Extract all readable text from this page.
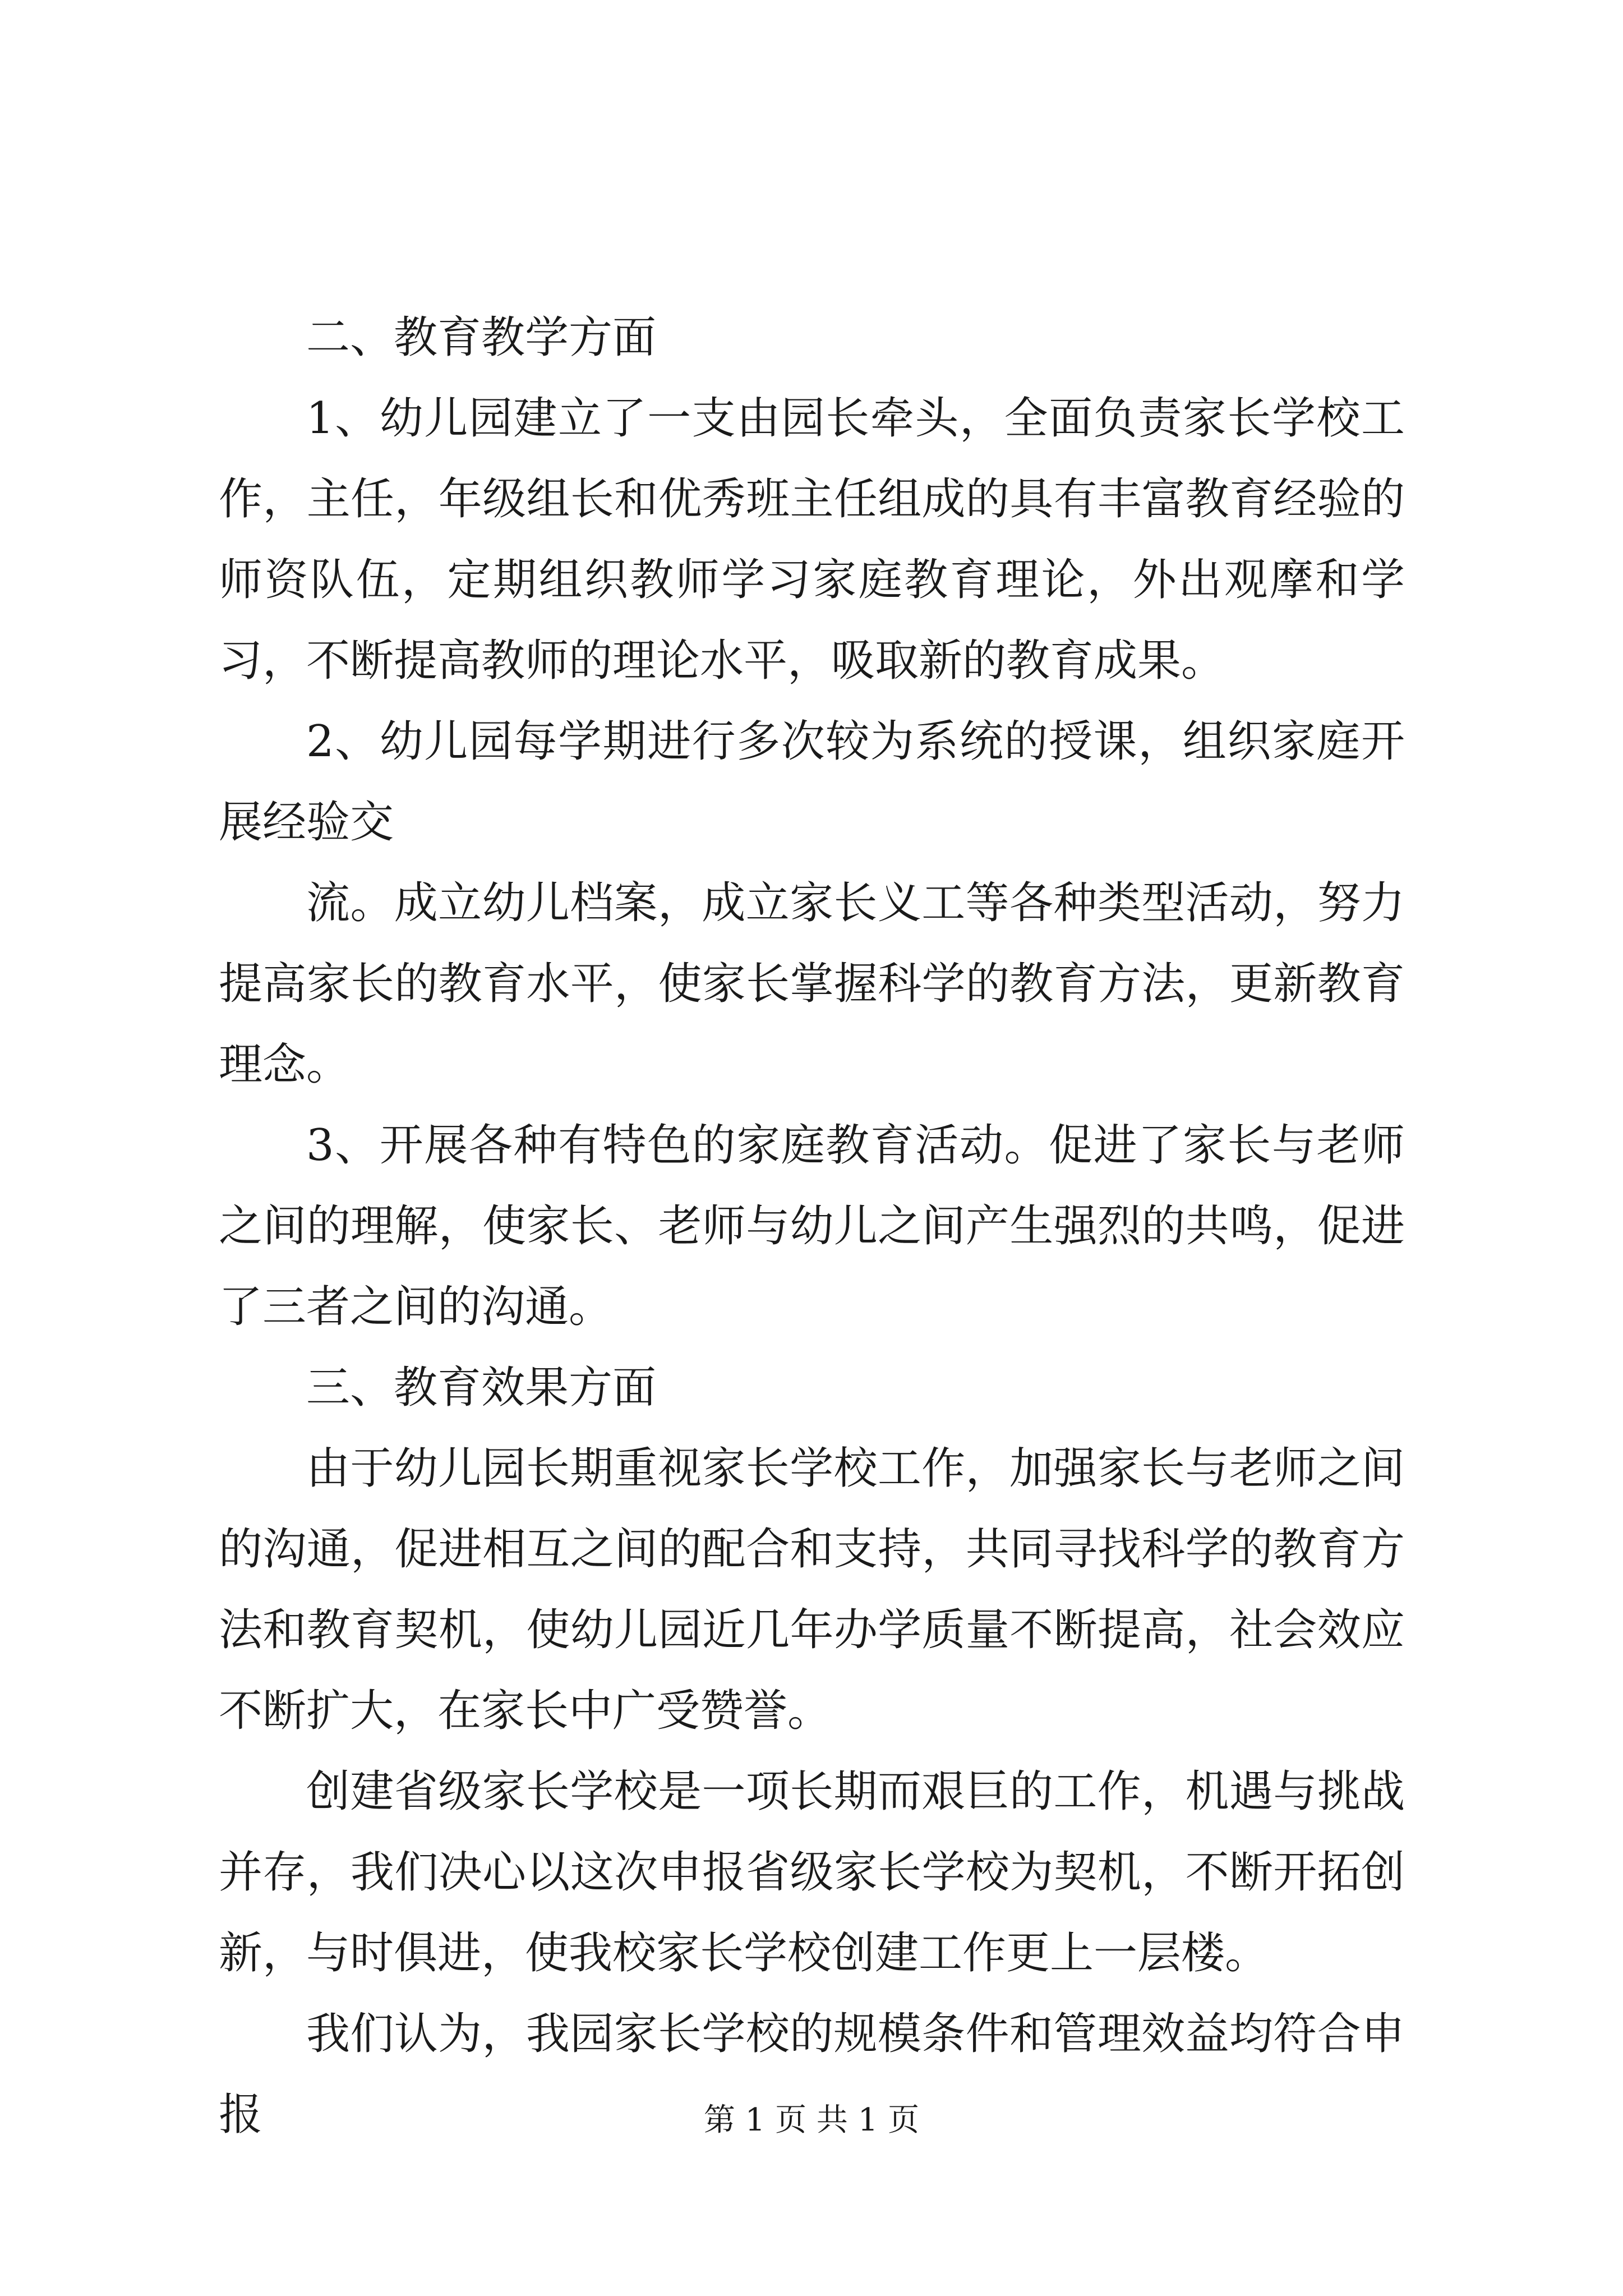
二、教育教学方面

1、幼儿园建立了一支由园长牵头，全面负责家长学校工作，主任，年级组长和优秀班主任组成的具有丰富教育经验的师资队伍，定期组织教师学习家庭教育理论，外出观摩和学习，不断提高教师的理论水平，吸取新的教育成果。

2、幼儿园每学期进行多次较为系统的授课，组织家庭开展经验交

流。成立幼儿档案，成立家长义工等各种类型活动，努力提高家长的教育水平，使家长掌握科学的教育方法，更新教育理念。

3、开展各种有特色的家庭教育活动。促进了家长与老师之间的理解，使家长、老师与幼儿之间产生强烈的共鸣，促进了三者之间的沟通。

三、教育效果方面

由于幼儿园长期重视家长学校工作，加强家长与老师之间的沟通，促进相互之间的配合和支持，共同寻找科学的教育方法和教育契机，使幼儿园近几年办学质量不断提高，社会效应不断扩大，在家长中广受赞誉。

创建省级家长学校是一项长期而艰巨的工作，机遇与挑战并存，我们决心以这次申报省级家长学校为契机，不断开拓创新，与时俱进，使我校家长学校创建工作更上一层楼。

我们认为，我园家长学校的规模条件和管理效益均符合申报	第 1 页 共 1 页
